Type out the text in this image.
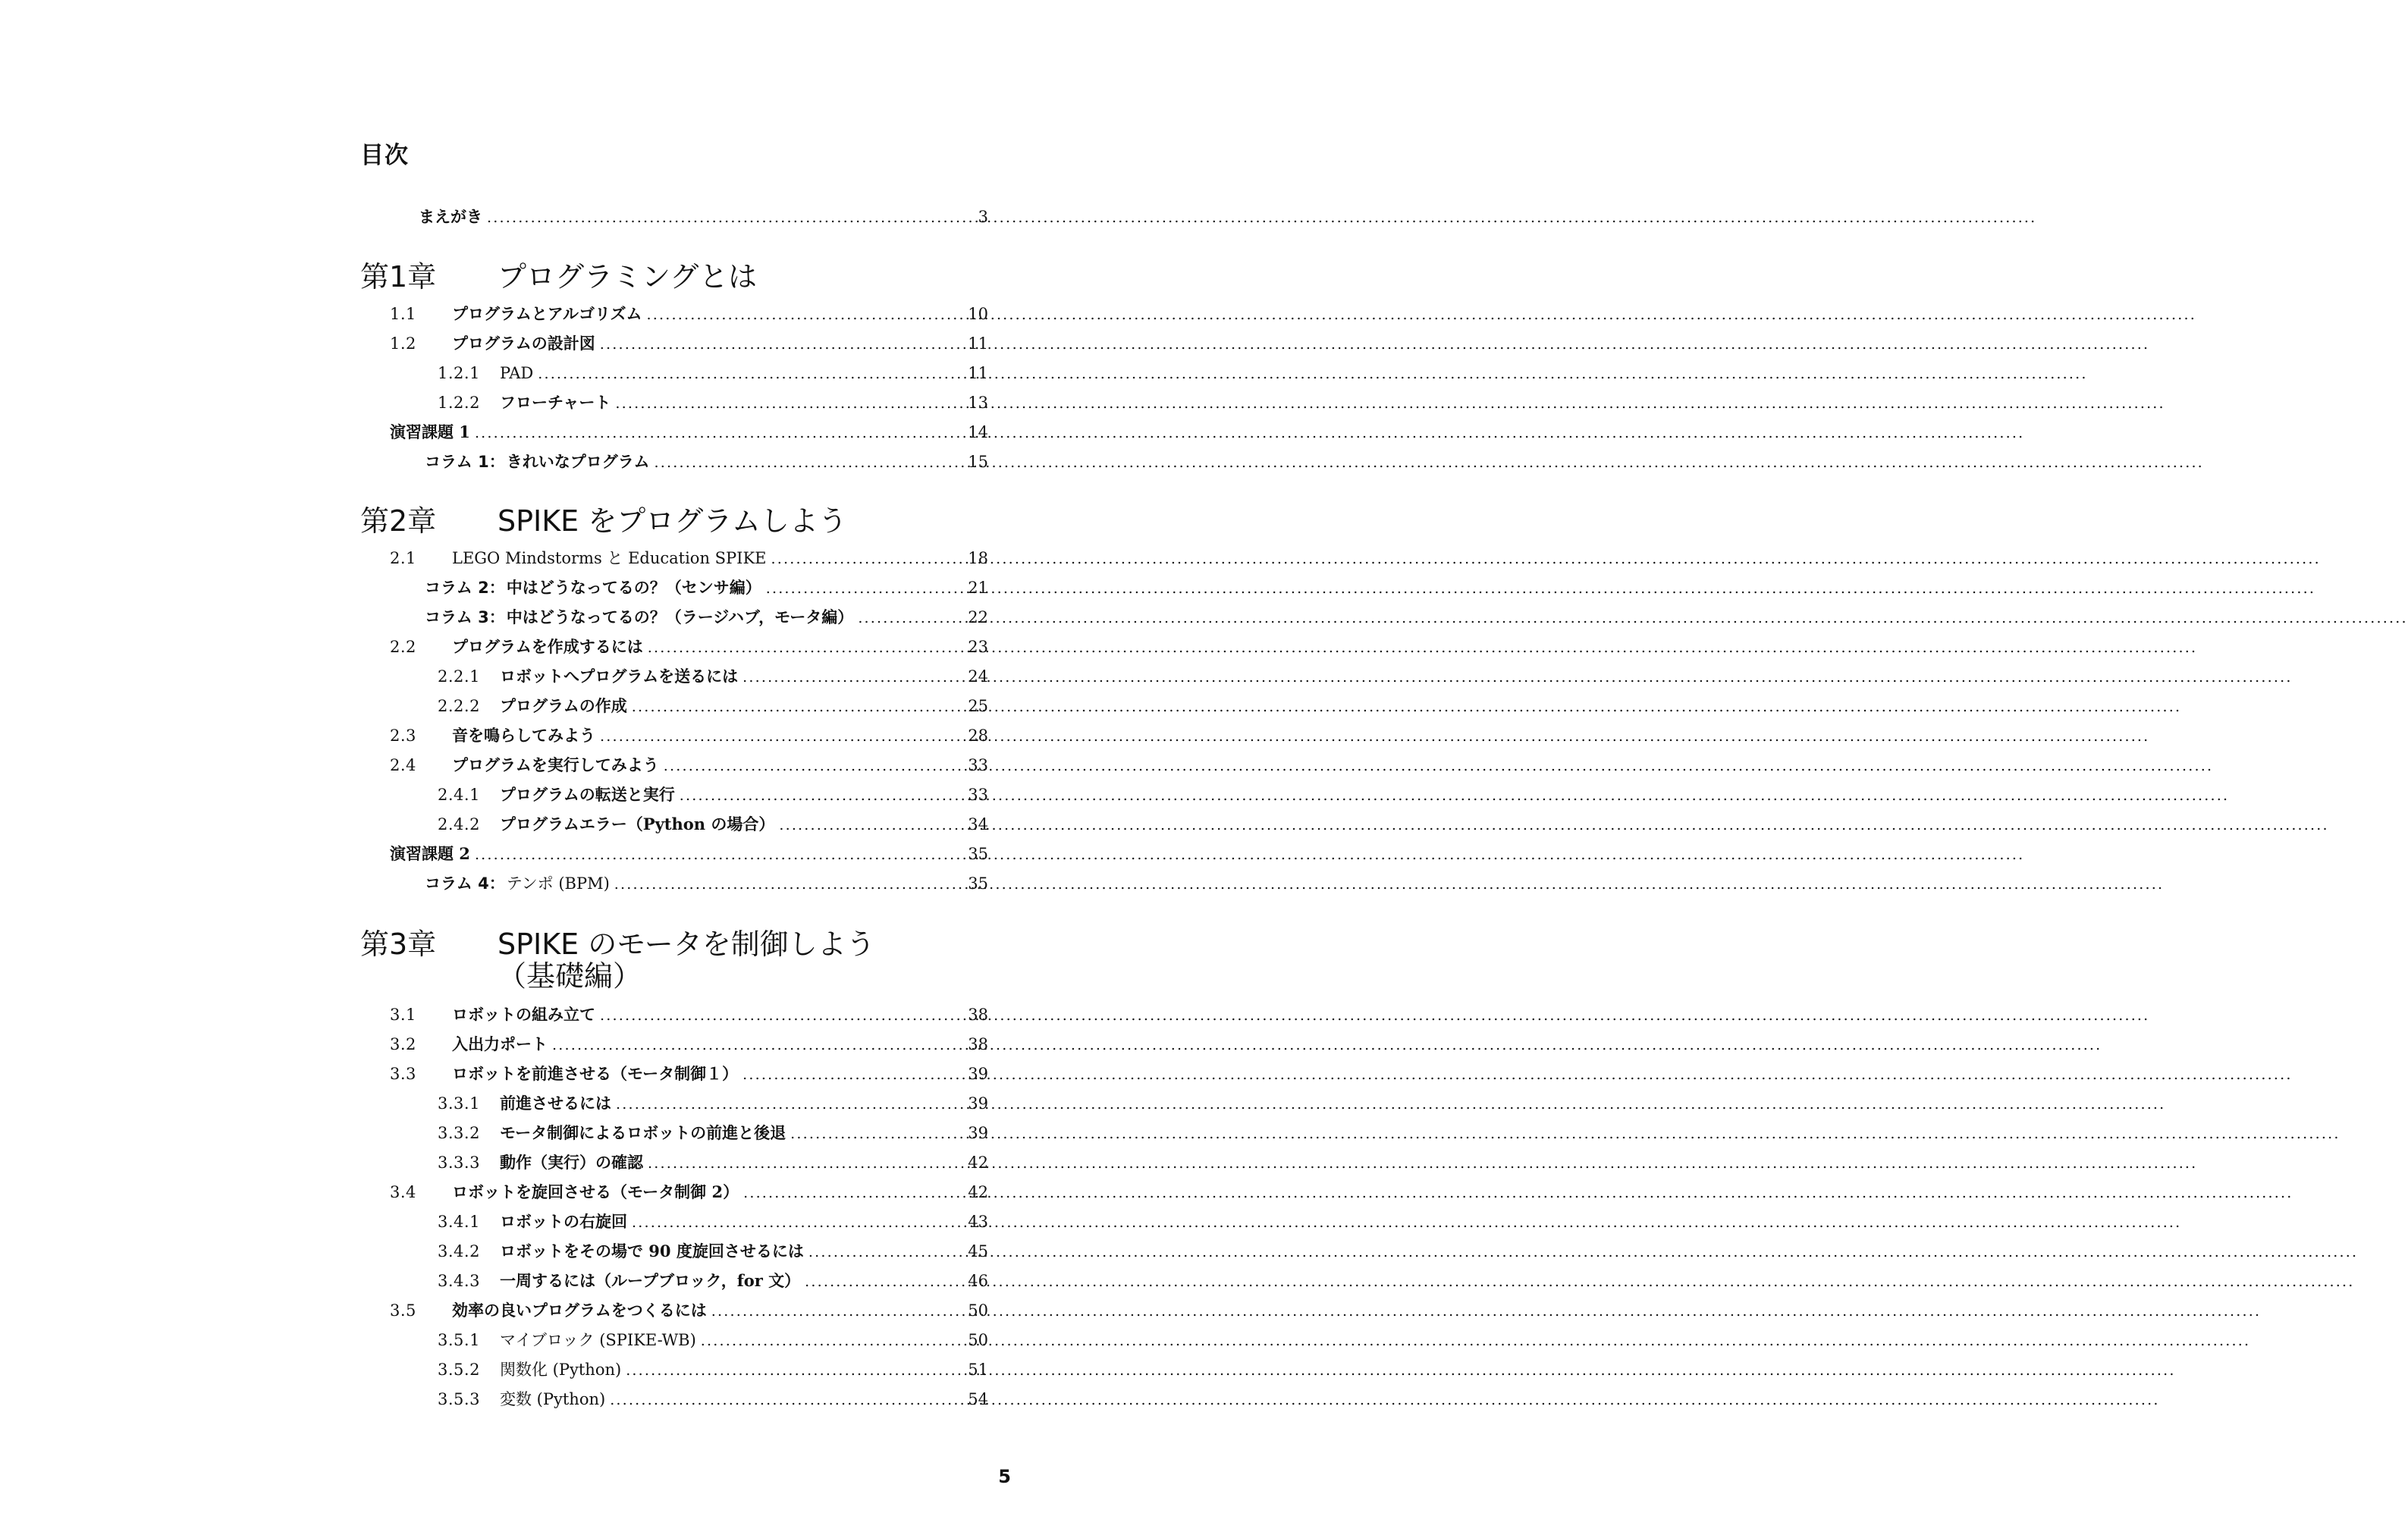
目次
まえがき .....	3
第1章 プログラミングとは
1.1 プログラムとアルゴリズム .....	10
1.2 プログラムの設計図 .....	11
1.2.1 PAD .....	11
1.2.2 フローチャート .....	13
演習課題 1 .....	14
コラム 1： きれいなプログラム .....	15
第2章 SPIKE をプログラムしよう
2.1 LEGO Mindstorms と Education SPIKE .....	18
コラム 2： 中はどうなってるの？（センサ編） .....	21
コラム 3： 中はどうなってるの？（ラージハブ，モータ編） .....	22
2.2 プログラムを作成するには .....	23
2.2.1 ロボットへプログラムを送るには .....	24
2.2.2 プログラムの作成 .....	25
2.3 音を鳴らしてみよう .....	28
2.4 プログラムを実行してみよう .....	33
2.4.1 プログラムの転送と実行 .....	33
2.4.2 プログラムエラー（Python の場合） .....	34
演習課題 2 .....	35
コラム 4： テンポ (BPM) .....	35
第3章 SPIKE のモータを制御しよう
（基礎編）
3.1 ロボットの組み立て .....	38
3.2 入出力ポート .....	38
3.3 ロボットを前進させる（モータ制御１） .....	39
3.3.1 前進させるには .....	39
3.3.2 モータ制御によるロボットの前進と後退 .....	39
3.3.3 動作（実行）の確認 .....	42
3.4 ロボットを旋回させる（モータ制御 2） .....	42
3.4.1 ロボットの右旋回 .....	43
3.4.2 ロボットをその場で 90 度旋回させるには .....	45
3.4.3 一周するには（ループブロック，for 文） .....	46
3.5 効率の良いプログラムをつくるには .....	50
3.5.1 マイブロック (SPIKE-WB) .....	50
3.5.2 関数化 (Python) .....	51
3.5.3 変数 (Python) .....	54
5
